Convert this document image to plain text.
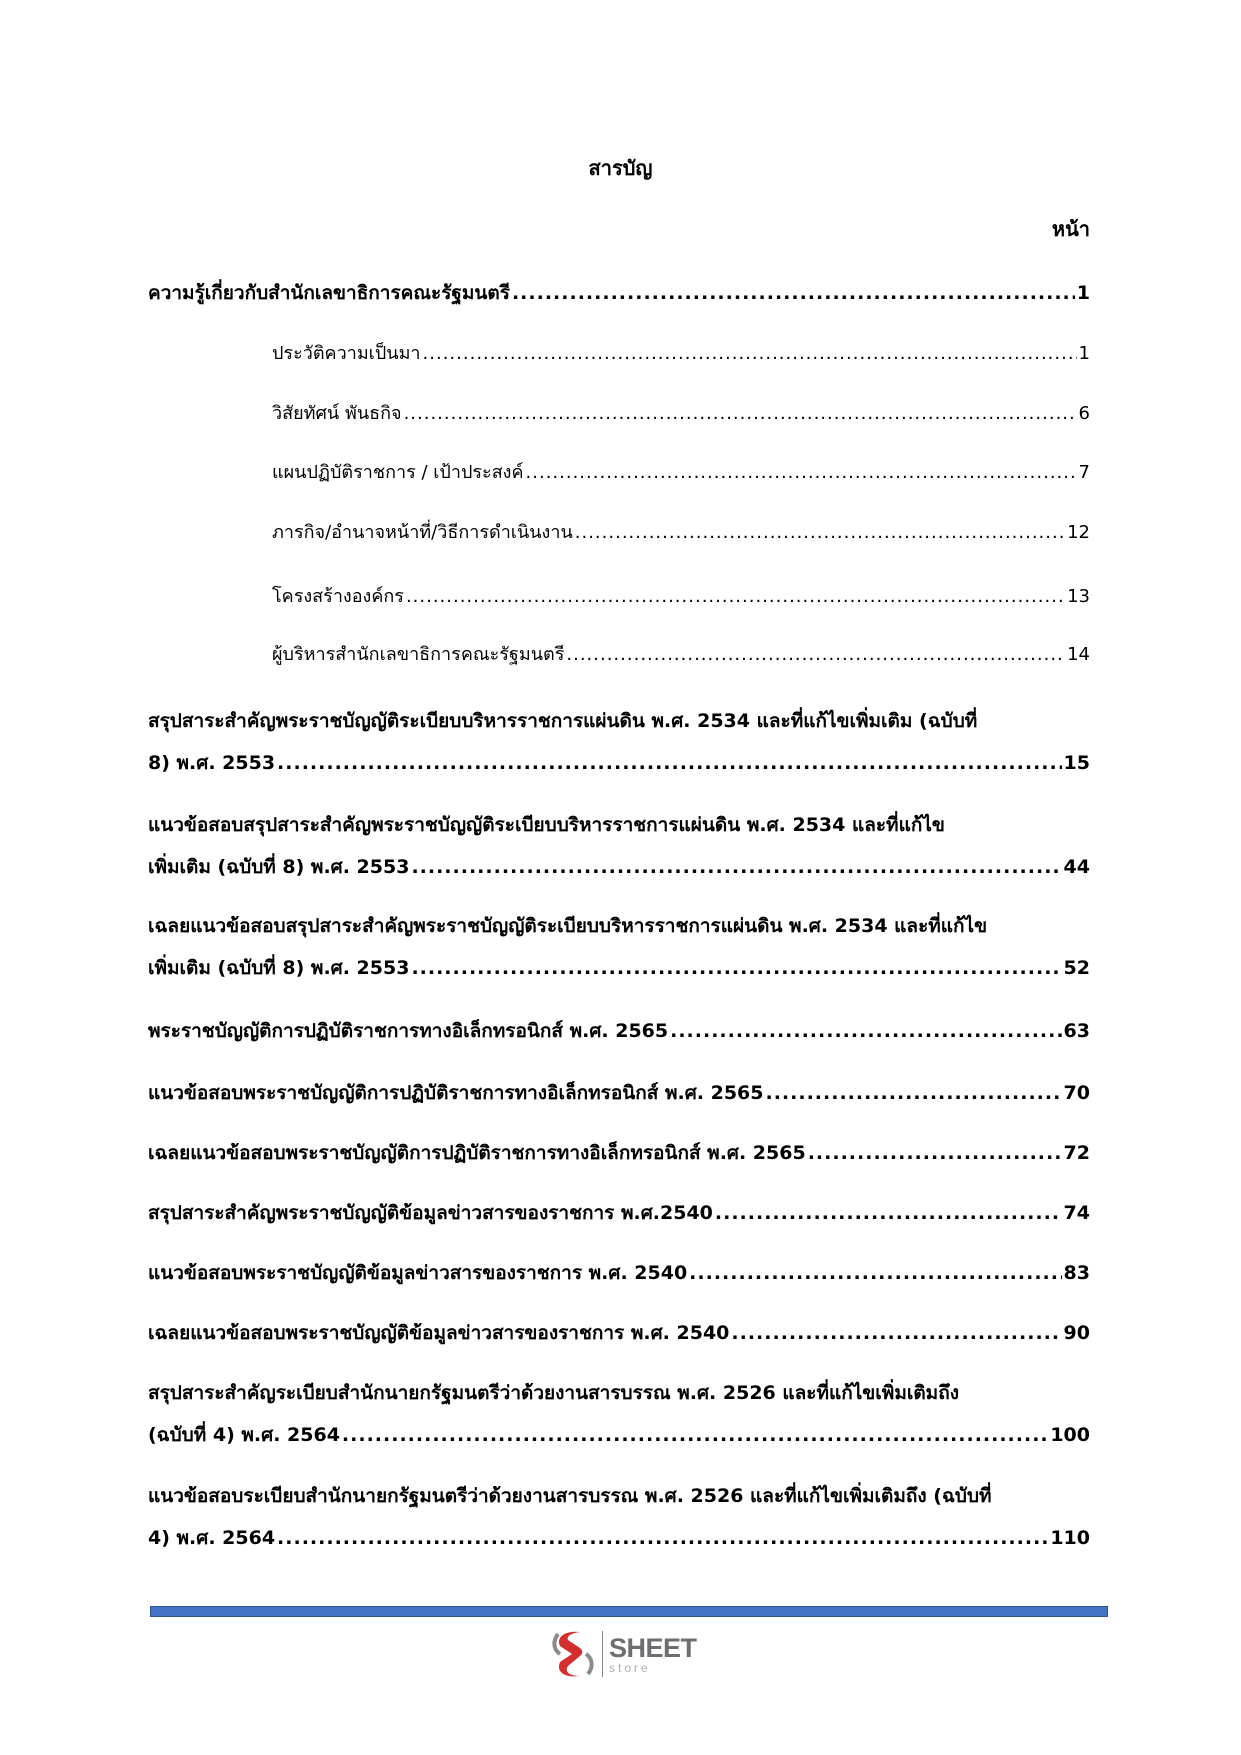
สารบัญ
หน้า
ความรู้เกี่ยวกับสำนักเลขาธิการคณะรัฐมนตรี .....	1
ประวัติความเป็นมา .....	1
วิสัยทัศน์ พันธกิจ .....	6
แผนปฏิบัติราชการ / เป้าประสงค์ .....	7
ภารกิจ/อำนาจหน้าที่/วิธีการดำเนินงาน .....	12
โครงสร้างองค์กร .....	13
ผู้บริหารสำนักเลขาธิการคณะรัฐมนตรี .....	14
สรุปสาระสำคัญพระราชบัญญัติระเบียบบริหารราชการแผ่นดิน พ.ศ. 2534 และที่แก้ไขเพิ่มเติม (ฉบับที่
8) พ.ศ. 2553 .....	15
แนวข้อสอบสรุปสาระสำคัญพระราชบัญญัติระเบียบบริหารราชการแผ่นดิน พ.ศ. 2534 และที่แก้ไข
เพิ่มเติม (ฉบับที่ 8) พ.ศ. 2553 .....	44
เฉลยแนวข้อสอบสรุปสาระสำคัญพระราชบัญญัติระเบียบบริหารราชการแผ่นดิน พ.ศ. 2534 และที่แก้ไข
เพิ่มเติม (ฉบับที่ 8) พ.ศ. 2553 .....	52
พระราชบัญญัติการปฏิบัติราชการทางอิเล็กทรอนิกส์ พ.ศ. 2565 .....	63
แนวข้อสอบพระราชบัญญัติการปฏิบัติราชการทางอิเล็กทรอนิกส์ พ.ศ. 2565 .....	70
เฉลยแนวข้อสอบพระราชบัญญัติการปฏิบัติราชการทางอิเล็กทรอนิกส์ พ.ศ. 2565 .....	72
สรุปสาระสำคัญพระราชบัญญัติข้อมูลข่าวสารของราชการ พ.ศ.2540 .....	74
แนวข้อสอบพระราชบัญญัติข้อมูลข่าวสารของราชการ พ.ศ. 2540 .....	83
เฉลยแนวข้อสอบพระราชบัญญัติข้อมูลข่าวสารของราชการ พ.ศ. 2540 .....	90
สรุปสาระสำคัญระเบียบสำนักนายกรัฐมนตรีว่าด้วยงานสารบรรณ พ.ศ. 2526 และที่แก้ไขเพิ่มเติมถึง
(ฉบับที่ 4) พ.ศ. 2564 .....	100
แนวข้อสอบระเบียบสำนักนายกรัฐมนตรีว่าด้วยงานสารบรรณ พ.ศ. 2526 และที่แก้ไขเพิ่มเติมถึง (ฉบับที่
4) พ.ศ. 2564 .....	110
SHEET
store
